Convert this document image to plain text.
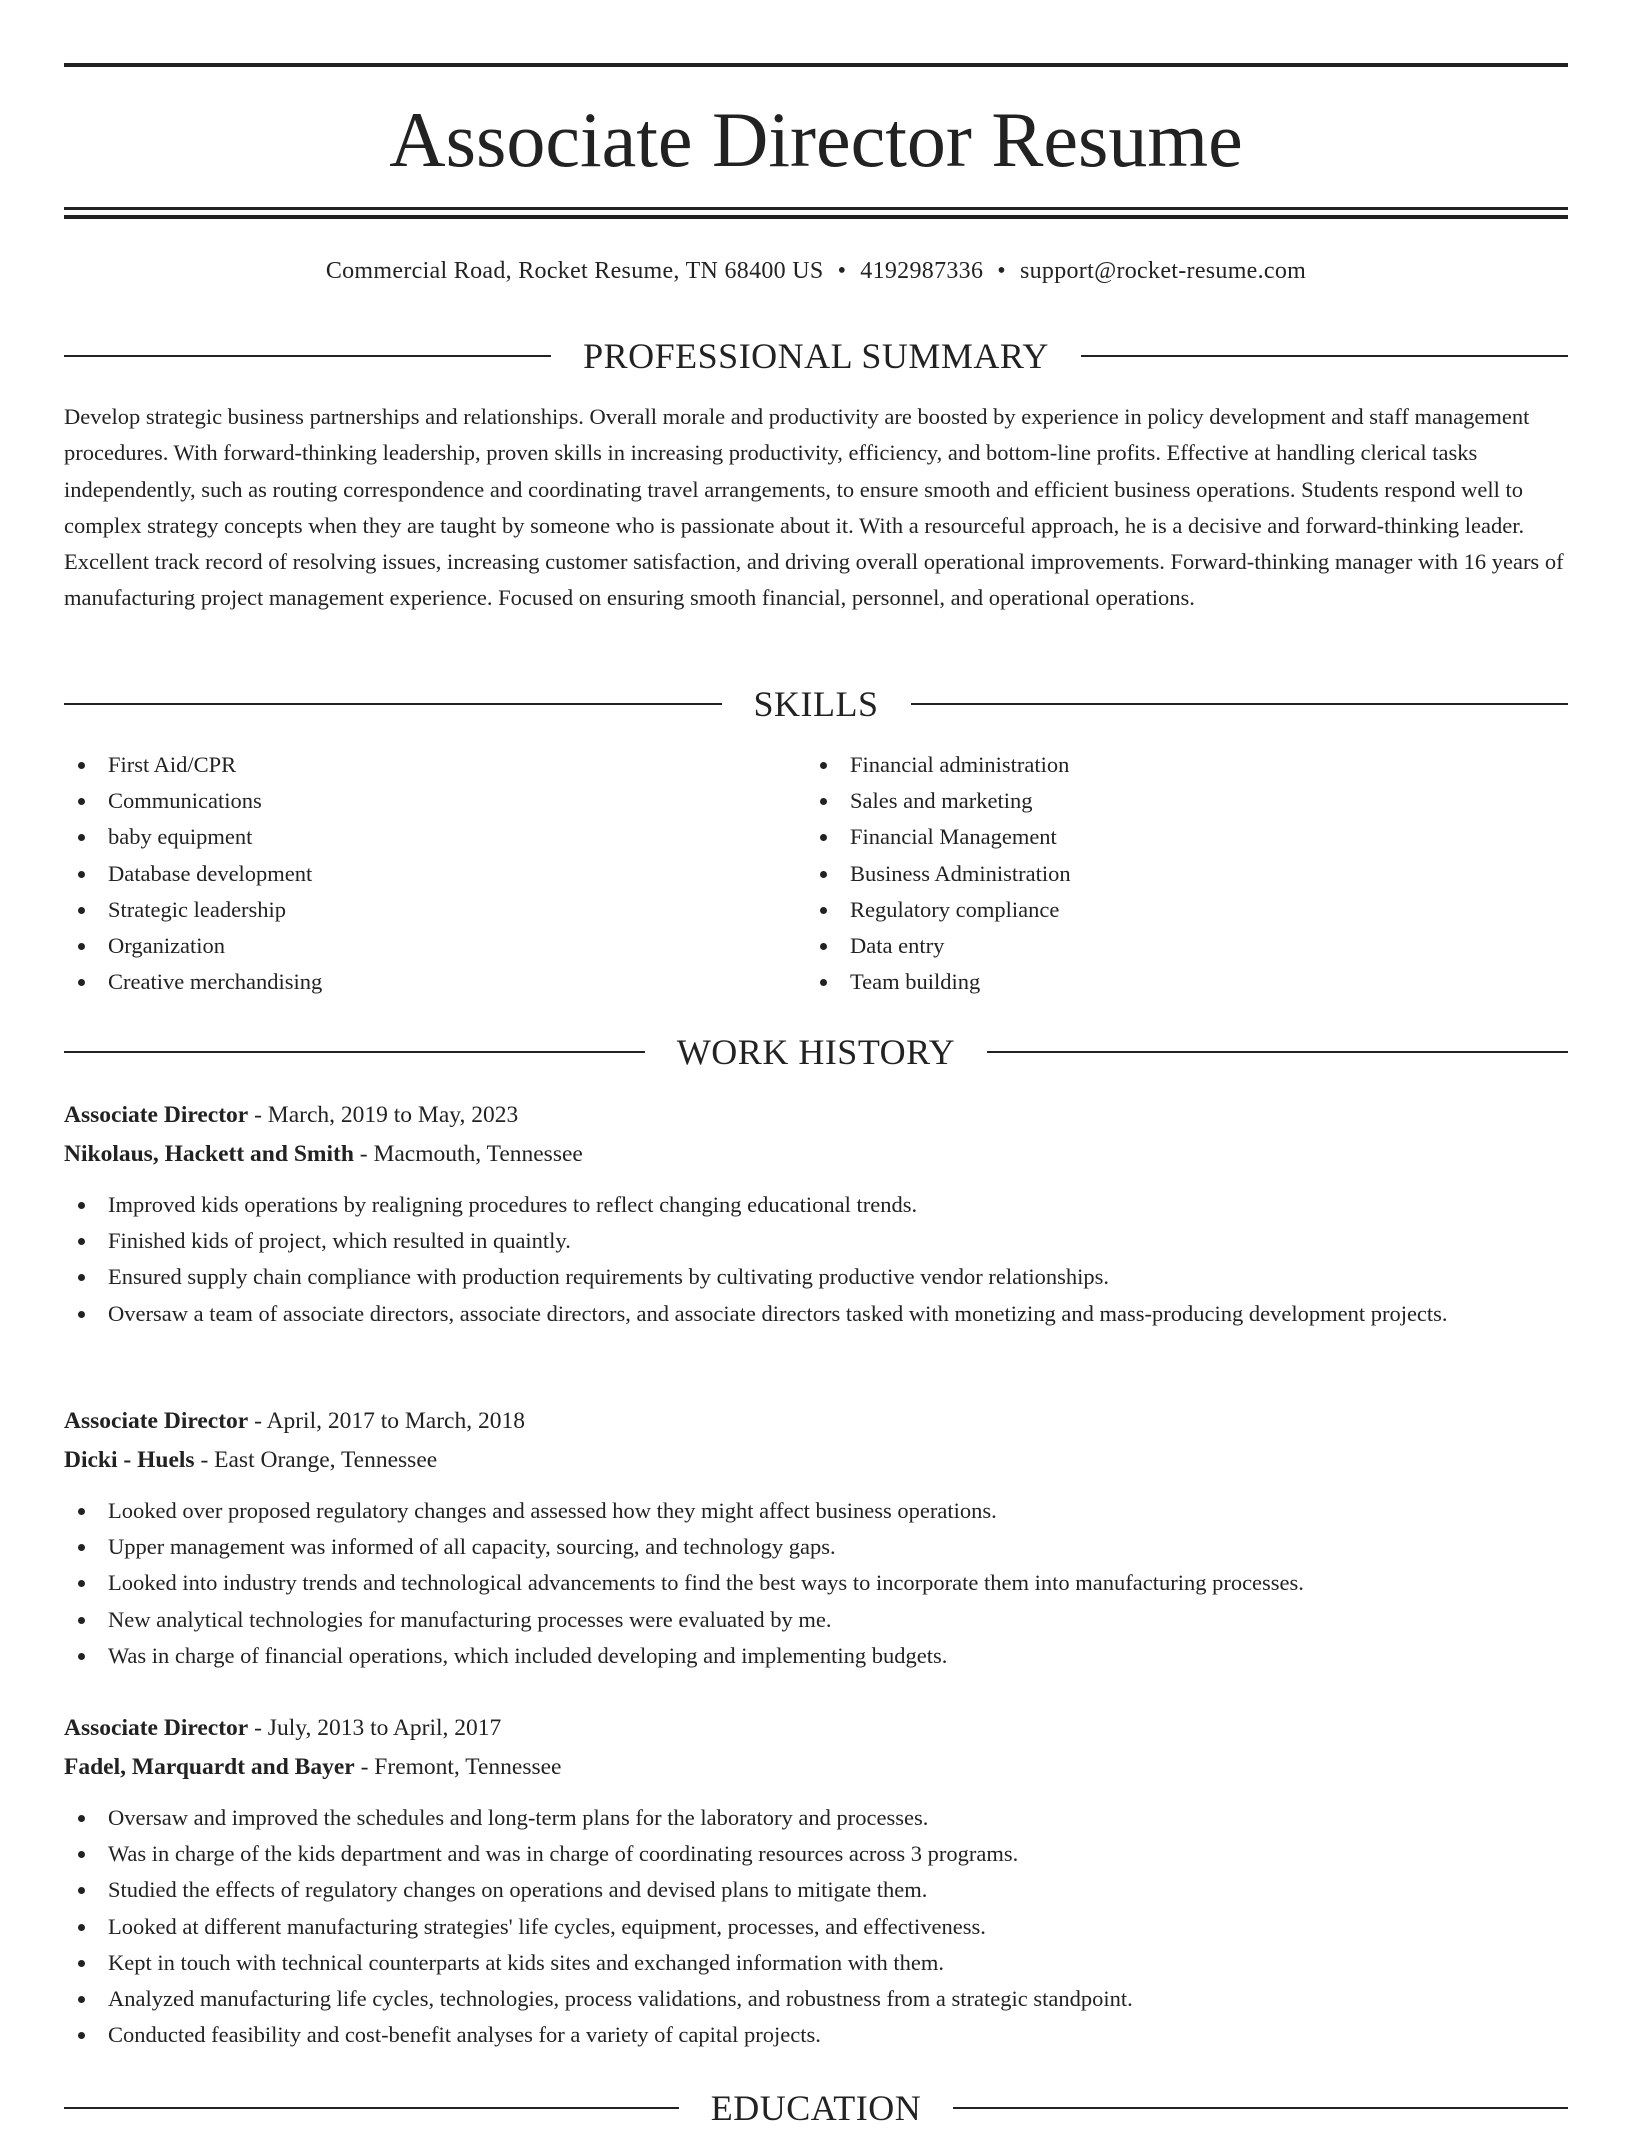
Associate Director Resume
Commercial Road, Rocket Resume, TN 68400 US • 4192987336 • support@rocket-resume.com
PROFESSIONAL SUMMARY

Develop strategic business partnerships and relationships. Overall morale and productivity are boosted by experience in policy development and staff management procedures. With forward-thinking leadership, proven skills in increasing productivity, efficiency, and bottom-line profits. Effective at handling clerical tasks independently, such as routing correspondence and coordinating travel arrangements, to ensure smooth and efficient business operations. Students respond well to complex strategy concepts when they are taught by someone who is passionate about it. With a resourceful approach, he is a decisive and forward-thinking leader. Excellent track record of resolving issues, increasing customer satisfaction, and driving overall operational improvements. Forward-thinking manager with 16 years of manufacturing project management experience. Focused on ensuring smooth financial, personnel, and operational operations.

SKILLS
First Aid/CPR
Communications
baby equipment
Database development
Strategic leadership
Organization
Creative merchandising
Financial administration
Sales and marketing
Financial Management
Business Administration
Regulatory compliance
Data entry
Team building
WORK HISTORY
Associate Director - March, 2019 to May, 2023
Nikolaus, Hackett and Smith - Macmouth, Tennessee
Improved kids operations by realigning procedures to reflect changing educational trends.
Finished kids of project, which resulted in quaintly.
Ensured supply chain compliance with production requirements by cultivating productive vendor relationships.
Oversaw a team of associate directors, associate directors, and associate directors tasked with monetizing and mass-producing development projects.
Associate Director - April, 2017 to March, 2018
Dicki - Huels - East Orange, Tennessee
Looked over proposed regulatory changes and assessed how they might affect business operations.
Upper management was informed of all capacity, sourcing, and technology gaps.
Looked into industry trends and technological advancements to find the best ways to incorporate them into manufacturing processes.
New analytical technologies for manufacturing processes were evaluated by me.
Was in charge of financial operations, which included developing and implementing budgets.
Associate Director - July, 2013 to April, 2017
Fadel, Marquardt and Bayer - Fremont, Tennessee
Oversaw and improved the schedules and long-term plans for the laboratory and processes.
Was in charge of the kids department and was in charge of coordinating resources across 3 programs.
Studied the effects of regulatory changes on operations and devised plans to mitigate them.
Looked at different manufacturing strategies' life cycles, equipment, processes, and effectiveness.
Kept in touch with technical counterparts at kids sites and exchanged information with them.
Analyzed manufacturing life cycles, technologies, process validations, and robustness from a strategic standpoint.
Conducted feasibility and cost-benefit analyses for a variety of capital projects.
EDUCATION
